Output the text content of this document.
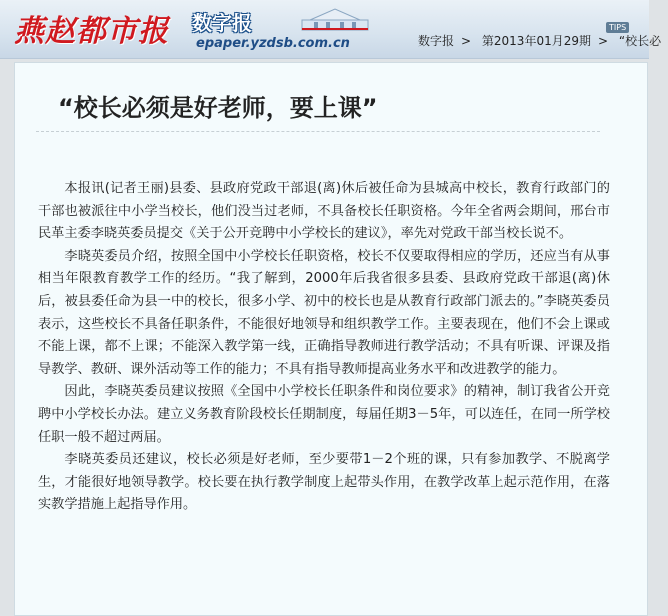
燕赵都市报 数字报
epaper.yzdsb.com.cn	数字报 > 第2013年01月29期 > “校长必
TIPS
“校长必须是好老师，要上课”

本报讯(记者王丽)县委、县政府党政干部退(离)休后被任命为县城高中校长，教育行政部门的干部也被派往中小学当校长，他们没当过老师，不具备校长任职资格。今年全省两会期间，邢台市民革主委李晓英委员提交《关于公开竞聘中小学校长的建议》，率先对党政干部当校长说不。

李晓英委员介绍，按照全国中小学校长任职资格，校长不仅要取得相应的学历，还应当有从事相当年限教育教学工作的经历。“我了解到，2000年后我省很多县委、县政府党政干部退(离)休后，被县委任命为县一中的校长，很多小学、初中的校长也是从教育行政部门派去的。”李晓英委员表示，这些校长不具备任职条件，不能很好地领导和组织教学工作。主要表现在，他们不会上课或不能上课，都不上课；不能深入教学第一线，正确指导教师进行教学活动；不具有听课、评课及指导教学、教研、课外活动等工作的能力；不具有指导教师提高业务水平和改进教学的能力。

因此，李晓英委员建议按照《全国中小学校长任职条件和岗位要求》的精神，制订我省公开竞聘中小学校长办法。建立义务教育阶段校长任期制度，每届任期3－5年，可以连任，在同一所学校任职一般不超过两届。

李晓英委员还建议，校长必须是好老师，至少要带1－2个班的课，只有参加教学、不脱离学生，才能很好地领导教学。校长要在执行教学制度上起带头作用，在教学改革上起示范作用，在落实教学措施上起指导作用。
